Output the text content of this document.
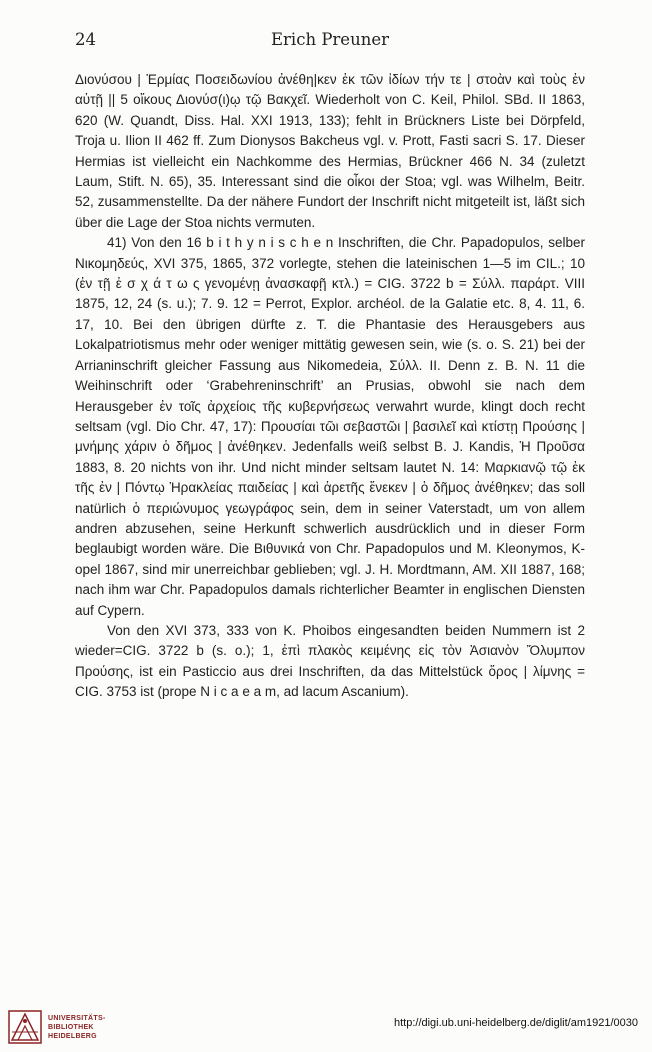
Erich Preuner
24

Διονύσου | Ἑρμίας Ποσειδωνίου ἀνέθη|κεν ἐκ τῶν ἰδίων τήν τε | στοὰν καὶ τοὺς ἐν αὐτῇ || 5 οἴκους Διονύσ(ι)ῳ τῷ Βακχεῖ. Wiederholt von C. Keil, Philol. SBd. II 1863, 620 (W. Quandt, Diss. Hal. XXI 1913, 133); fehlt in Brückners Liste bei Dörpfeld, Troja u. Ilion II 462 ff. Zum Dionysos Bakcheus vgl. v. Prott, Fasti sacri S. 17. Dieser Hermias ist vielleicht ein Nachkomme des Hermias, Brückner 466 N. 34 (zuletzt Laum, Stift. N. 65), 35. Interessant sind die οἶκοι der Stoa; vgl. was Wilhelm, Beitr. 52, zusammenstellte. Da der nähere Fundort der Inschrift nicht mitgeteilt ist, läßt sich über die Lage der Stoa nichts vermuten.

41) Von den 16 b i t h y n i s c h e n Inschriften, die Chr. Papadopulos, selber Νικομηδεύς, XVI 375, 1865, 372 vorlegte, stehen die lateinischen 1—5 im CIL.; 10 (ἐν τῇ ἐ σ χ ά τ ω ς γενομένῃ ἀνασκαφῇ κτλ.) = CIG. 3722 b = Σύλλ. παράρτ. VIII 1875, 12, 24 (s. u.); 7. 9. 12 = Perrot, Explor. archéol. de la Galatie etc. 8, 4. 11, 6. 17, 10. Bei den übrigen dürfte z. T. die Phantasie des Herausgebers aus Lokalpatriotismus mehr oder weniger mittätig gewesen sein, wie (s. o. S. 21) bei der Arrianinschrift gleicher Fassung aus Nikomedeia, Σύλλ. II. Denn z. B. N. 11 die Weihinschrift oder ‘Grabehreninschrift’ an Prusias, obwohl sie nach dem Herausgeber ἐν τοῖς ἀρχείοις τῆς κυβερνήσεως verwahrt wurde, klingt doch recht seltsam (vgl. Dio Chr. 47, 17): Προυσίαι τῶι σεβαστῶι | βασιλεῖ καὶ κτίστῃ Προύσης | μνήμης χάριν ὁ δῆμος | ἀνέθηκεν. Jedenfalls weiß selbst B. J. Kandis, Ἡ Προῦσα 1883, 8. 20 nichts von ihr. Und nicht minder seltsam lautet N. 14: Μαρκιανῷ τῷ ἐκ τῆς ἐν | Πόντῳ Ἡρακλείας παιδείας | καὶ ἀρετῆς ἕνεκεν | ὁ δῆμος ἀνέθηκεν; das soll natürlich ὁ περιώνυμος γεωγράφος sein, dem in seiner Vaterstadt, um von allem andren abzusehen, seine Herkunft schwerlich ausdrücklich und in dieser Form beglaubigt worden wäre. Die Βιθυνικά von Chr. Papadopulos und M. Kleonymos, K-opel 1867, sind mir unerreichbar geblieben; vgl. J. H. Mordtmann, AM. XII 1887, 168; nach ihm war Chr. Papadopulos damals richterlicher Beamter in englischen Diensten auf Cypern.

Von den XVI 373, 333 von K. Phoibos eingesandten beiden Nummern ist 2 wieder=CIG. 3722 b (s. o.); 1, ἐπὶ πλακὸς κειμένης εἰς τὸν Ἀσιανὸν Ὄλυμπον Προύσης, ist ein Pasticcio aus drei Inschriften, da das Mittelstück ὅρος | λίμνης = CIG. 3753 ist (prope N i c a e a m, ad lacum Ascanium).

UNIVERSITÄTS-
BIBLIOTHEK
HEIDELBERG
http://digi.ub.uni-heidelberg.de/diglit/am1921/0030
